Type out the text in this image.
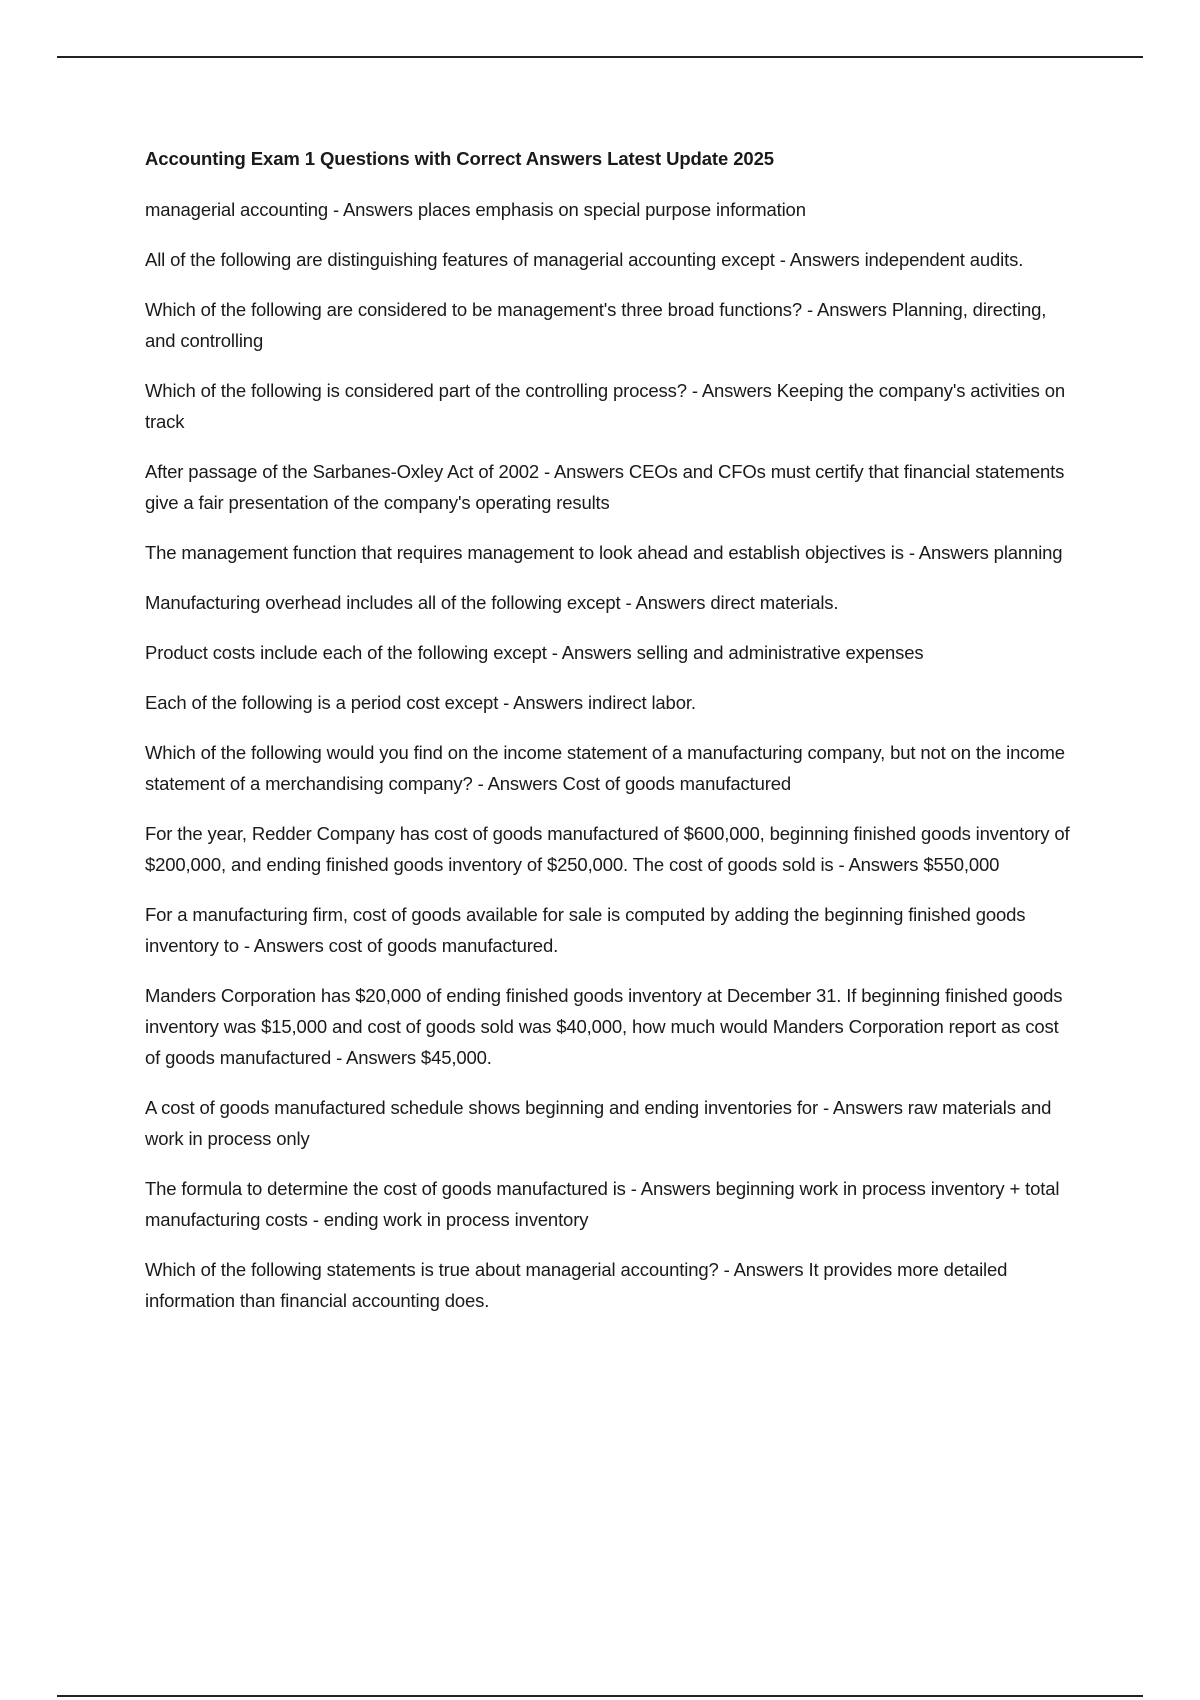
Accounting Exam 1 Questions with Correct Answers Latest Update 2025

managerial accounting - Answers places emphasis on special purpose information

All of the following are distinguishing features of managerial accounting except - Answers independent audits.

Which of the following are considered to be management's three broad functions? - Answers Planning, directing, and controlling

Which of the following is considered part of the controlling process? - Answers Keeping the company's activities on track

After passage of the Sarbanes-Oxley Act of 2002 - Answers CEOs and CFOs must certify that financial statements give a fair presentation of the company's operating results

The management function that requires management to look ahead and establish objectives is - Answers planning

Manufacturing overhead includes all of the following except - Answers direct materials.

Product costs include each of the following except - Answers selling and administrative expenses

Each of the following is a period cost except - Answers indirect labor.

Which of the following would you find on the income statement of a manufacturing company, but not on the income statement of a merchandising company? - Answers Cost of goods manufactured

For the year, Redder Company has cost of goods manufactured of $600,000, beginning finished goods inventory of $200,000, and ending finished goods inventory of $250,000. The cost of goods sold is - Answers $550,000

For a manufacturing firm, cost of goods available for sale is computed by adding the beginning finished goods inventory to - Answers cost of goods manufactured.

Manders Corporation has $20,000 of ending finished goods inventory at December 31. If beginning finished goods inventory was $15,000 and cost of goods sold was $40,000, how much would Manders Corporation report as cost of goods manufactured - Answers $45,000.

A cost of goods manufactured schedule shows beginning and ending inventories for - Answers raw materials and work in process only

The formula to determine the cost of goods manufactured is - Answers beginning work in process inventory + total manufacturing costs - ending work in process inventory

Which of the following statements is true about managerial accounting? - Answers It provides more detailed information than financial accounting does.
